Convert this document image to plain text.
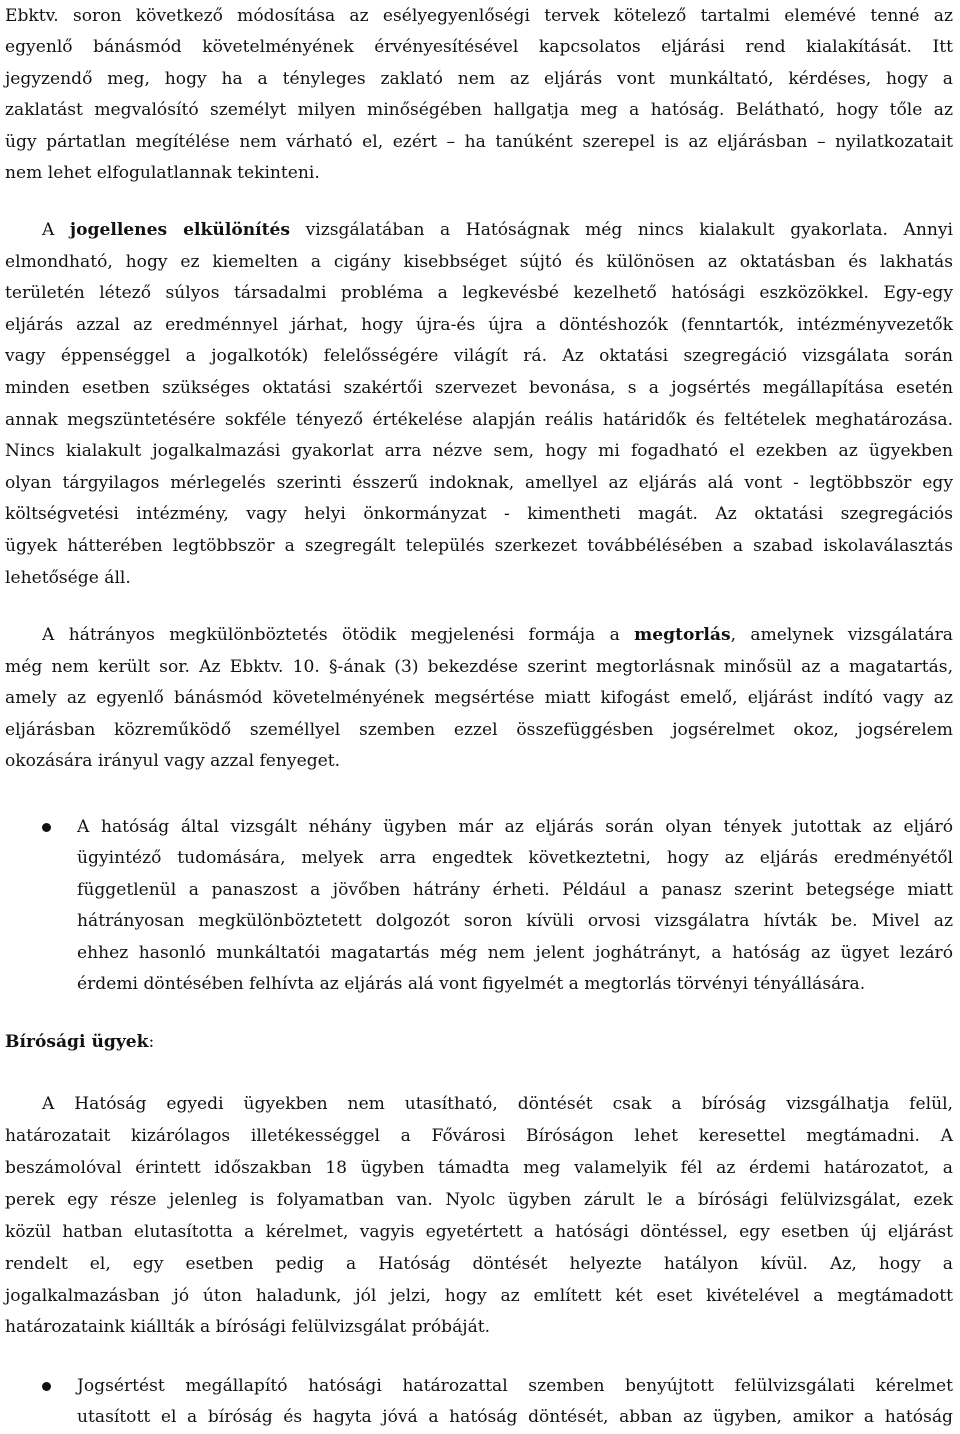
Ebktv. soron következő módosítása az esélyegyenlőségi tervek kötelező tartalmi elemévé tenné az
egyenlő bánásmód követelményének érvényesítésével kapcsolatos eljárási rend kialakítását. Itt
jegyzendő meg, hogy ha a tényleges zaklató nem az eljárás vont munkáltató, kérdéses, hogy a
zaklatást megvalósító személyt milyen minőségében hallgatja meg a hatóság. Belátható, hogy tőle az
ügy pártatlan megítélése nem várható el, ezért – ha tanúként szerepel is az eljárásban – nyilatkozatait
nem lehet elfogulatlannak tekinteni.
A jogellenes elkülönítés vizsgálatában a Hatóságnak még nincs kialakult gyakorlata. Annyi
elmondható, hogy ez kiemelten a cigány kisebbséget sújtó és különösen az oktatásban és lakhatás
területén létező súlyos társadalmi probléma a legkevésbé kezelhető hatósági eszközökkel. Egy-egy
eljárás azzal az eredménnyel járhat, hogy újra-és újra a döntéshozók (fenntartók, intézményvezetők
vagy éppenséggel a jogalkotók) felelősségére világít rá. Az oktatási szegregáció vizsgálata során
minden esetben szükséges oktatási szakértői szervezet bevonása, s a jogsértés megállapítása esetén
annak megszüntetésére sokféle tényező értékelése alapján reális határidők és feltételek meghatározása.
Nincs kialakult jogalkalmazási gyakorlat arra nézve sem, hogy mi fogadható el ezekben az ügyekben
olyan tárgyilagos mérlegelés szerinti ésszerű indoknak, amellyel az eljárás alá vont - legtöbbször egy
költségvetési intézmény, vagy helyi önkormányzat - kimentheti magát. Az oktatási szegregációs
ügyek hátterében legtöbbször a szegregált település szerkezet továbbélésében a szabad iskolaválasztás
lehetősége áll.
A hátrányos megkülönböztetés ötödik megjelenési formája a megtorlás, amelynek vizsgálatára
még nem került sor. Az Ebktv. 10. §-ának (3) bekezdése szerint megtorlásnak minősül az a magatartás,
amely az egyenlő bánásmód követelményének megsértése miatt kifogást emelő, eljárást indító vagy az
eljárásban közreműködő személlyel szemben ezzel összefüggésben jogsérelmet okoz, jogsérelem
okozására irányul vagy azzal fenyeget.
A hatóság által vizsgált néhány ügyben már az eljárás során olyan tények jutottak az eljáró
ügyintéző tudomására, melyek arra engedtek következtetni, hogy az eljárás eredményétől
függetlenül a panaszost a jövőben hátrány érheti. Például a panasz szerint betegsége miatt
hátrányosan megkülönböztetett dolgozót soron kívüli orvosi vizsgálatra hívták be. Mivel az
ehhez hasonló munkáltatói magatartás még nem jelent joghátrányt, a hatóság az ügyet lezáró
érdemi döntésében felhívta az eljárás alá vont figyelmét a megtorlás törvényi tényállására.
Bírósági ügyek:
A Hatóság egyedi ügyekben nem utasítható, döntését csak a bíróság vizsgálhatja felül,
határozatait kizárólagos illetékességgel a Fővárosi Bíróságon lehet keresettel megtámadni. A
beszámolóval érintett időszakban 18 ügyben támadta meg valamelyik fél az érdemi határozatot, a
perek egy része jelenleg is folyamatban van. Nyolc ügyben zárult le a bírósági felülvizsgálat, ezek
közül hatban elutasította a kérelmet, vagyis egyetértett a hatósági döntéssel, egy esetben új eljárást
rendelt el, egy esetben pedig a Hatóság döntését helyezte hatályon kívül. Az, hogy a
jogalkalmazásban jó úton haladunk, jól jelzi, hogy az említett két eset kivételével a megtámadott
határozataink kiállták a bírósági felülvizsgálat próbáját.
Jogsértést megállapító hatósági határozattal szemben benyújtott felülvizsgálati kérelmet
utasított el a bíróság és hagyta jóvá a hatóság döntését, abban az ügyben, amikor a hatóság
